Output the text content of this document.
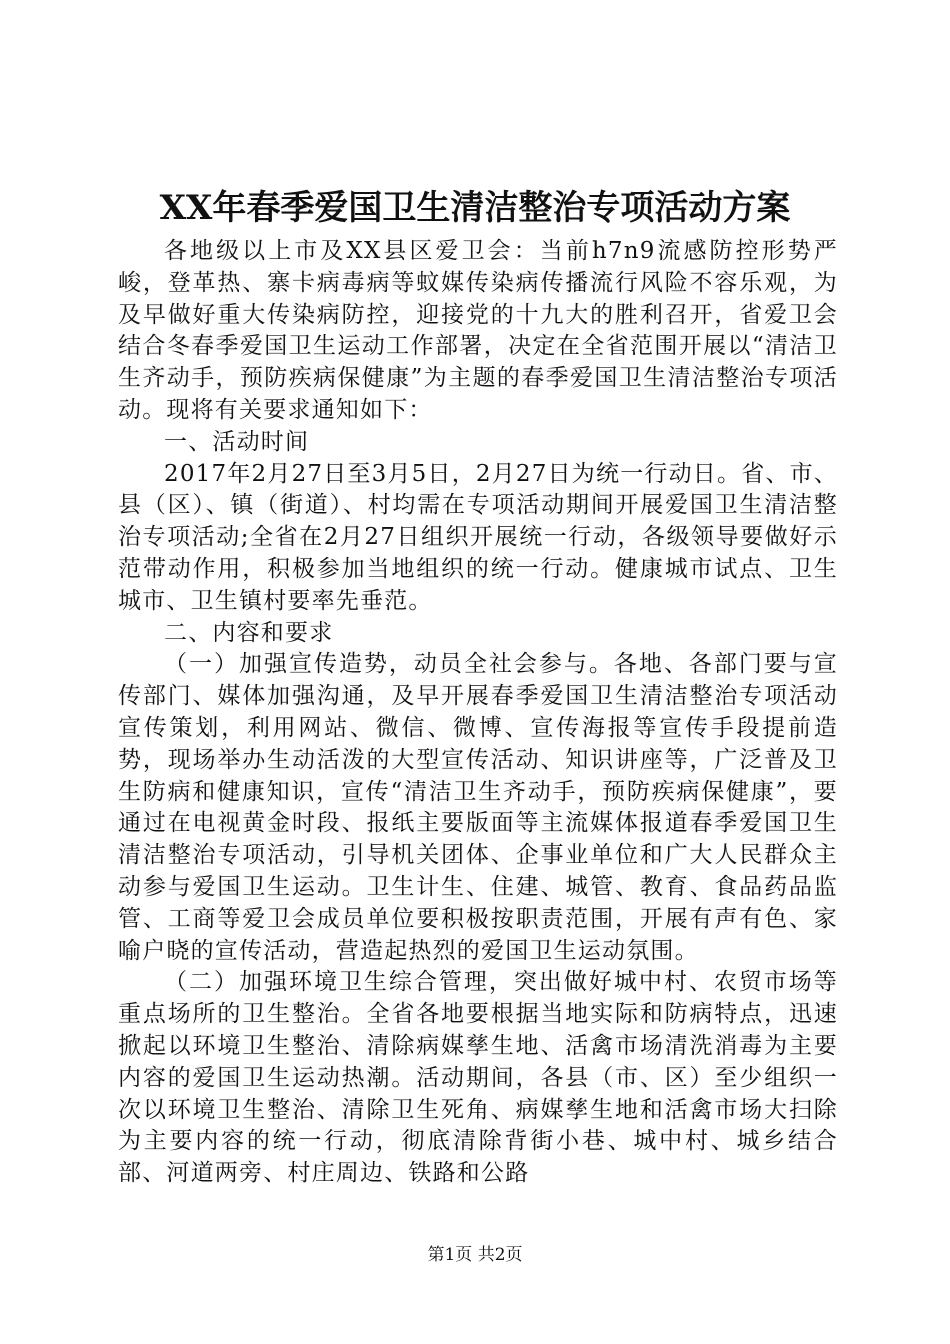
XX年春季爱国卫生清洁整治专项活动方案

各地级以上市及XX县区爱卫会：当前h7n9流感防控形势严峻，登革热、寨卡病毒病等蚊媒传染病传播流行风险不容乐观，为及早做好重大传染病防控，迎接党的十九大的胜利召开，省爱卫会结合冬春季爱国卫生运动工作部署，决定在全省范围开展以“清洁卫生齐动手，预防疾病保健康”为主题的春季爱国卫生清洁整治专项活动。现将有关要求通知如下：

一、活动时间

2017年2月27日至3月5日，2月27日为统一行动日。省、市、县（区）、镇（街道）、村均需在专项活动期间开展爱国卫生清洁整治专项活动;全省在2月27日组织开展统一行动，各级领导要做好示范带动作用，积极参加当地组织的统一行动。健康城市试点、卫生城市、卫生镇村要率先垂范。

二、内容和要求

（一）加强宣传造势，动员全社会参与。各地、各部门要与宣传部门、媒体加强沟通，及早开展春季爱国卫生清洁整治专项活动宣传策划，利用网站、微信、微博、宣传海报等宣传手段提前造势，现场举办生动活泼的大型宣传活动、知识讲座等，广泛普及卫生防病和健康知识，宣传“清洁卫生齐动手，预防疾病保健康”，要通过在电视黄金时段、报纸主要版面等主流媒体报道春季爱国卫生清洁整治专项活动，引导机关团体、企事业单位和广大人民群众主动参与爱国卫生运动。卫生计生、住建、城管、教育、食品药品监管、工商等爱卫会成员单位要积极按职责范围，开展有声有色、家喻户晓的宣传活动，营造起热烈的爱国卫生运动氛围。

（二）加强环境卫生综合管理，突出做好城中村、农贸市场等重点场所的卫生整治。全省各地要根据当地实际和防病特点，迅速掀起以环境卫生整治、清除病媒孳生地、活禽市场清洗消毒为主要内容的爱国卫生运动热潮。活动期间，各县（市、区）至少组织一次以环境卫生整治、清除卫生死角、病媒孳生地和活禽市场大扫除为主要内容的统一行动，彻底清除背街小巷、城中村、城乡结合部、河道两旁、村庄周边、铁路和公路

第1页 共2页
